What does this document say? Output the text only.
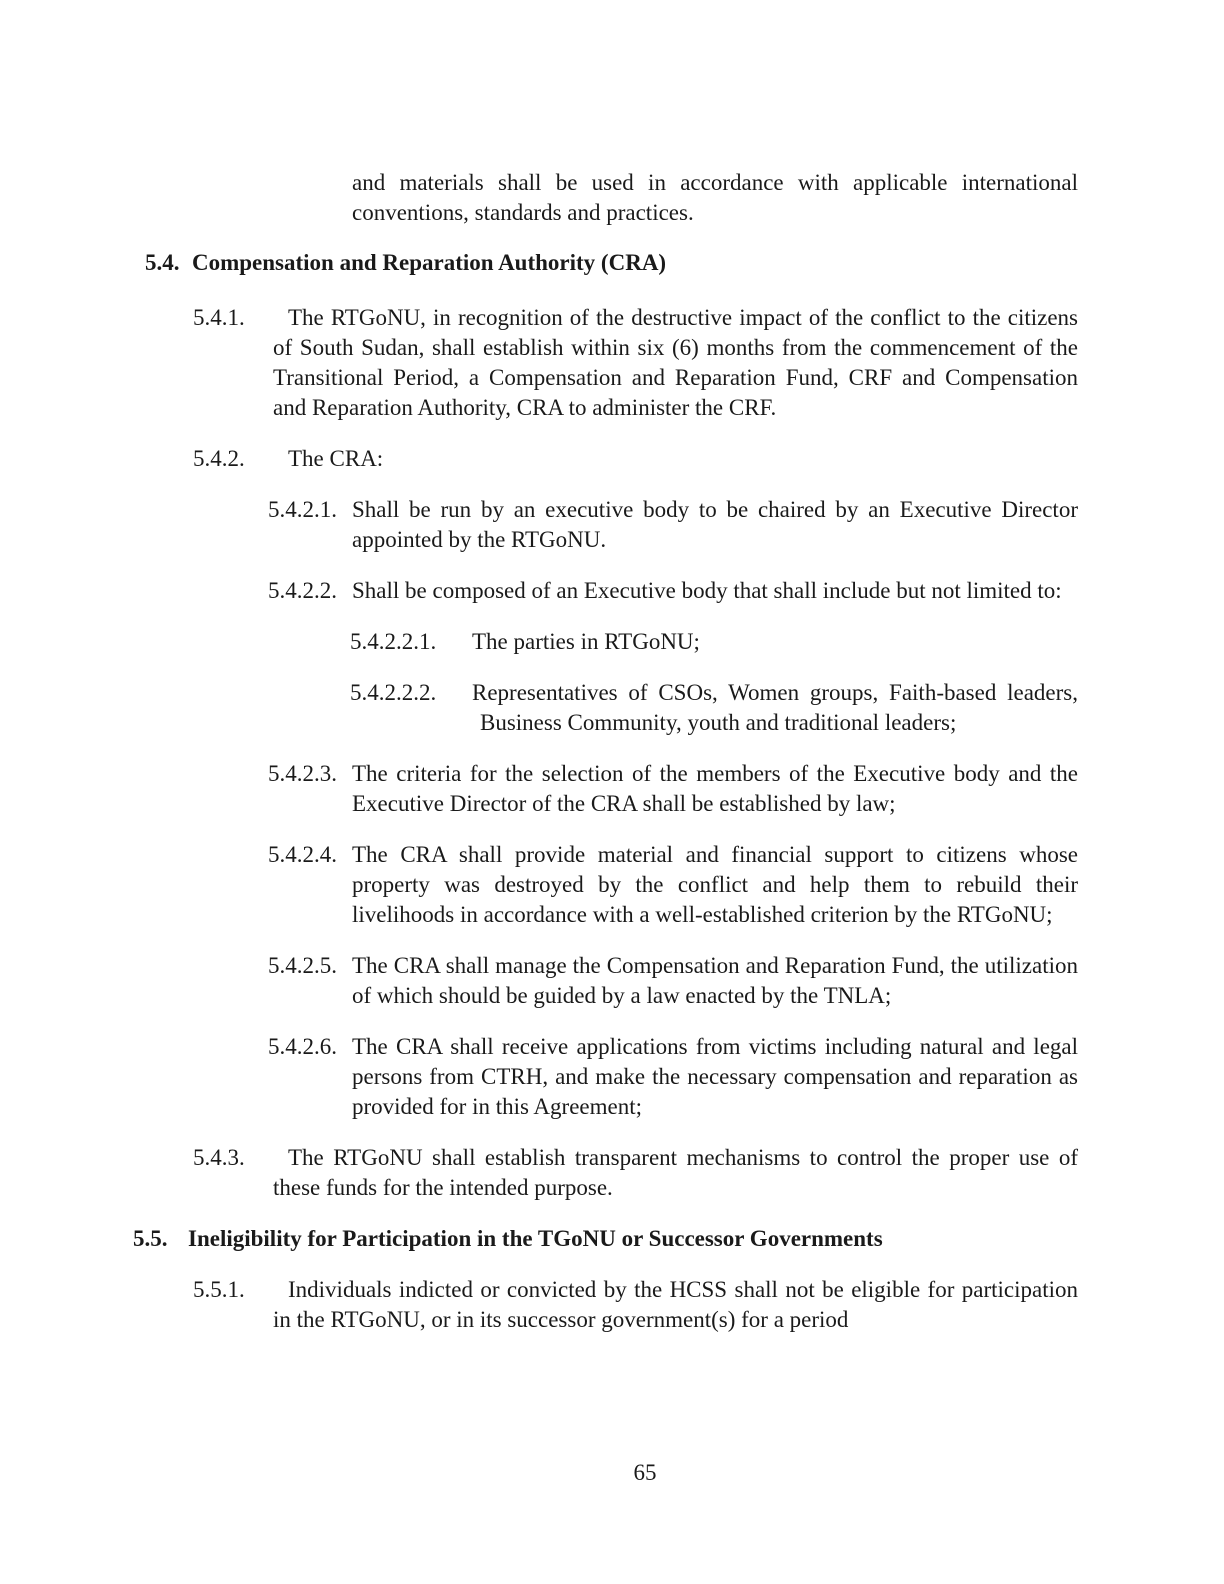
and materials shall be used in accordance with applicable international conventions, standards and practices.
5.4. Compensation and Reparation Authority (CRA)
5.4.1. The RTGoNU, in recognition of the destructive impact of the conflict to the citizens of South Sudan, shall establish within six (6) months from the commencement of the Transitional Period, a Compensation and Reparation Fund, CRF and Compensation and Reparation Authority, CRA to administer the CRF.
5.4.2. The CRA:
5.4.2.1. Shall be run by an executive body to be chaired by an Executive Director appointed by the RTGoNU.
5.4.2.2. Shall be composed of an Executive body that shall include but not limited to:
5.4.2.2.1. The parties in RTGoNU;
5.4.2.2.2. Representatives of CSOs, Women groups, Faith-based leaders, Business Community, youth and traditional leaders;
5.4.2.3. The criteria for the selection of the members of the Executive body and the Executive Director of the CRA shall be established by law;
5.4.2.4. The CRA shall provide material and financial support to citizens whose property was destroyed by the conflict and help them to rebuild their livelihoods in accordance with a well-established criterion by the RTGoNU;
5.4.2.5. The CRA shall manage the Compensation and Reparation Fund, the utilization of which should be guided by a law enacted by the TNLA;
5.4.2.6. The CRA shall receive applications from victims including natural and legal persons from CTRH, and make the necessary compensation and reparation as provided for in this Agreement;
5.4.3. The RTGoNU shall establish transparent mechanisms to control the proper use of these funds for the intended purpose.
5.5. Ineligibility for Participation in the TGoNU or Successor Governments
5.5.1. Individuals indicted or convicted by the HCSS shall not be eligible for participation in the RTGoNU, or in its successor government(s) for a period
65
